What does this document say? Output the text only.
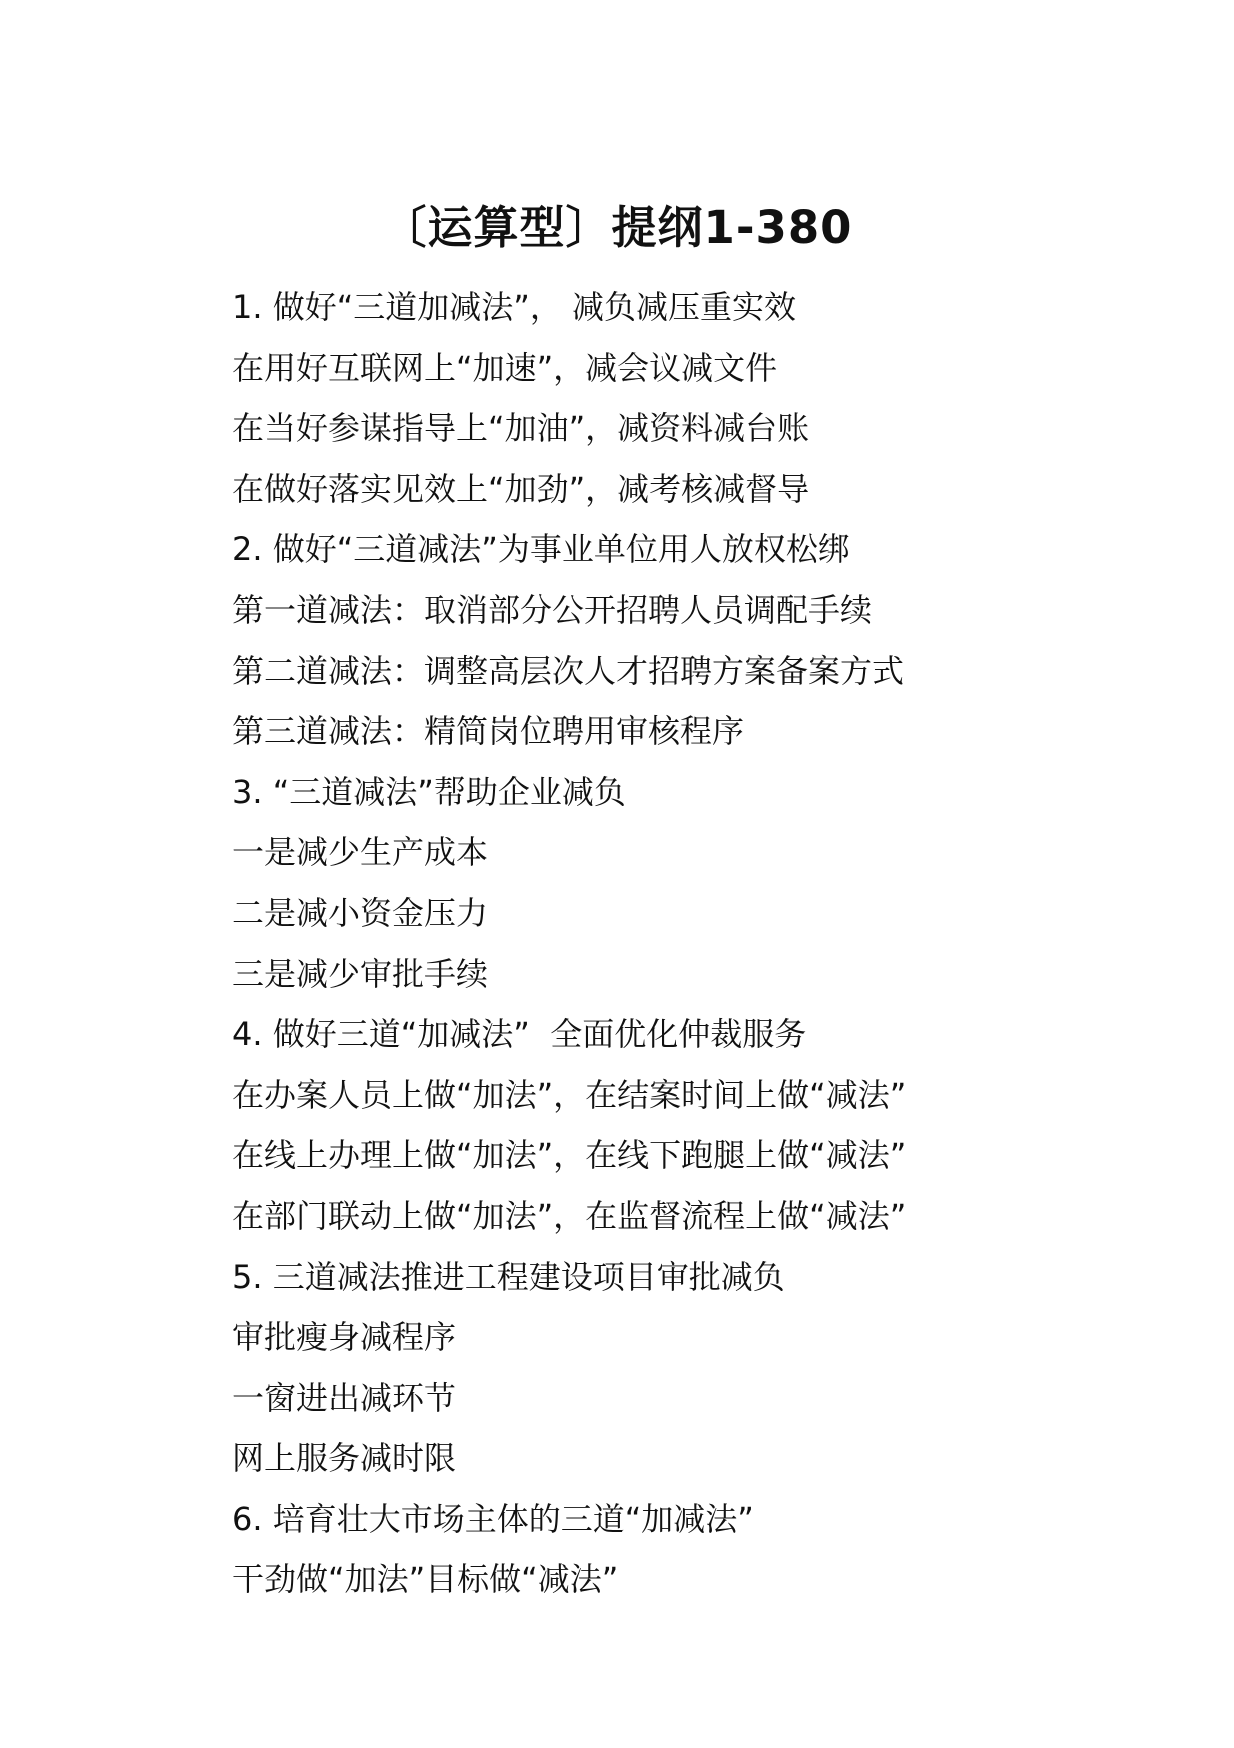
〔运算型〕提纲1-380
1. 做好“三道加减法”， 减负减压重实效
在用好互联网上“加速”，减会议减文件
在当好参谋指导上“加油”，减资料减台账
在做好落实见效上“加劲”，减考核减督导
2. 做好“三道减法”为事业单位用人放权松绑
第一道减法：取消部分公开招聘人员调配手续
第二道减法：调整高层次人才招聘方案备案方式
第三道减法：精简岗位聘用审核程序
3. “三道减法”帮助企业减负
一是减少生产成本
二是减小资金压力
三是减少审批手续
4. 做好三道“加减法”  全面优化仲裁服务
在办案人员上做“加法”，在结案时间上做“减法”
在线上办理上做“加法”，在线下跑腿上做“减法”
在部门联动上做“加法”，在监督流程上做“减法”
5. 三道减法推进工程建设项目审批减负
审批瘦身减程序
一窗进出减环节
网上服务减时限
6. 培育壮大市场主体的三道“加减法”
干劲做“加法”目标做“减法”
